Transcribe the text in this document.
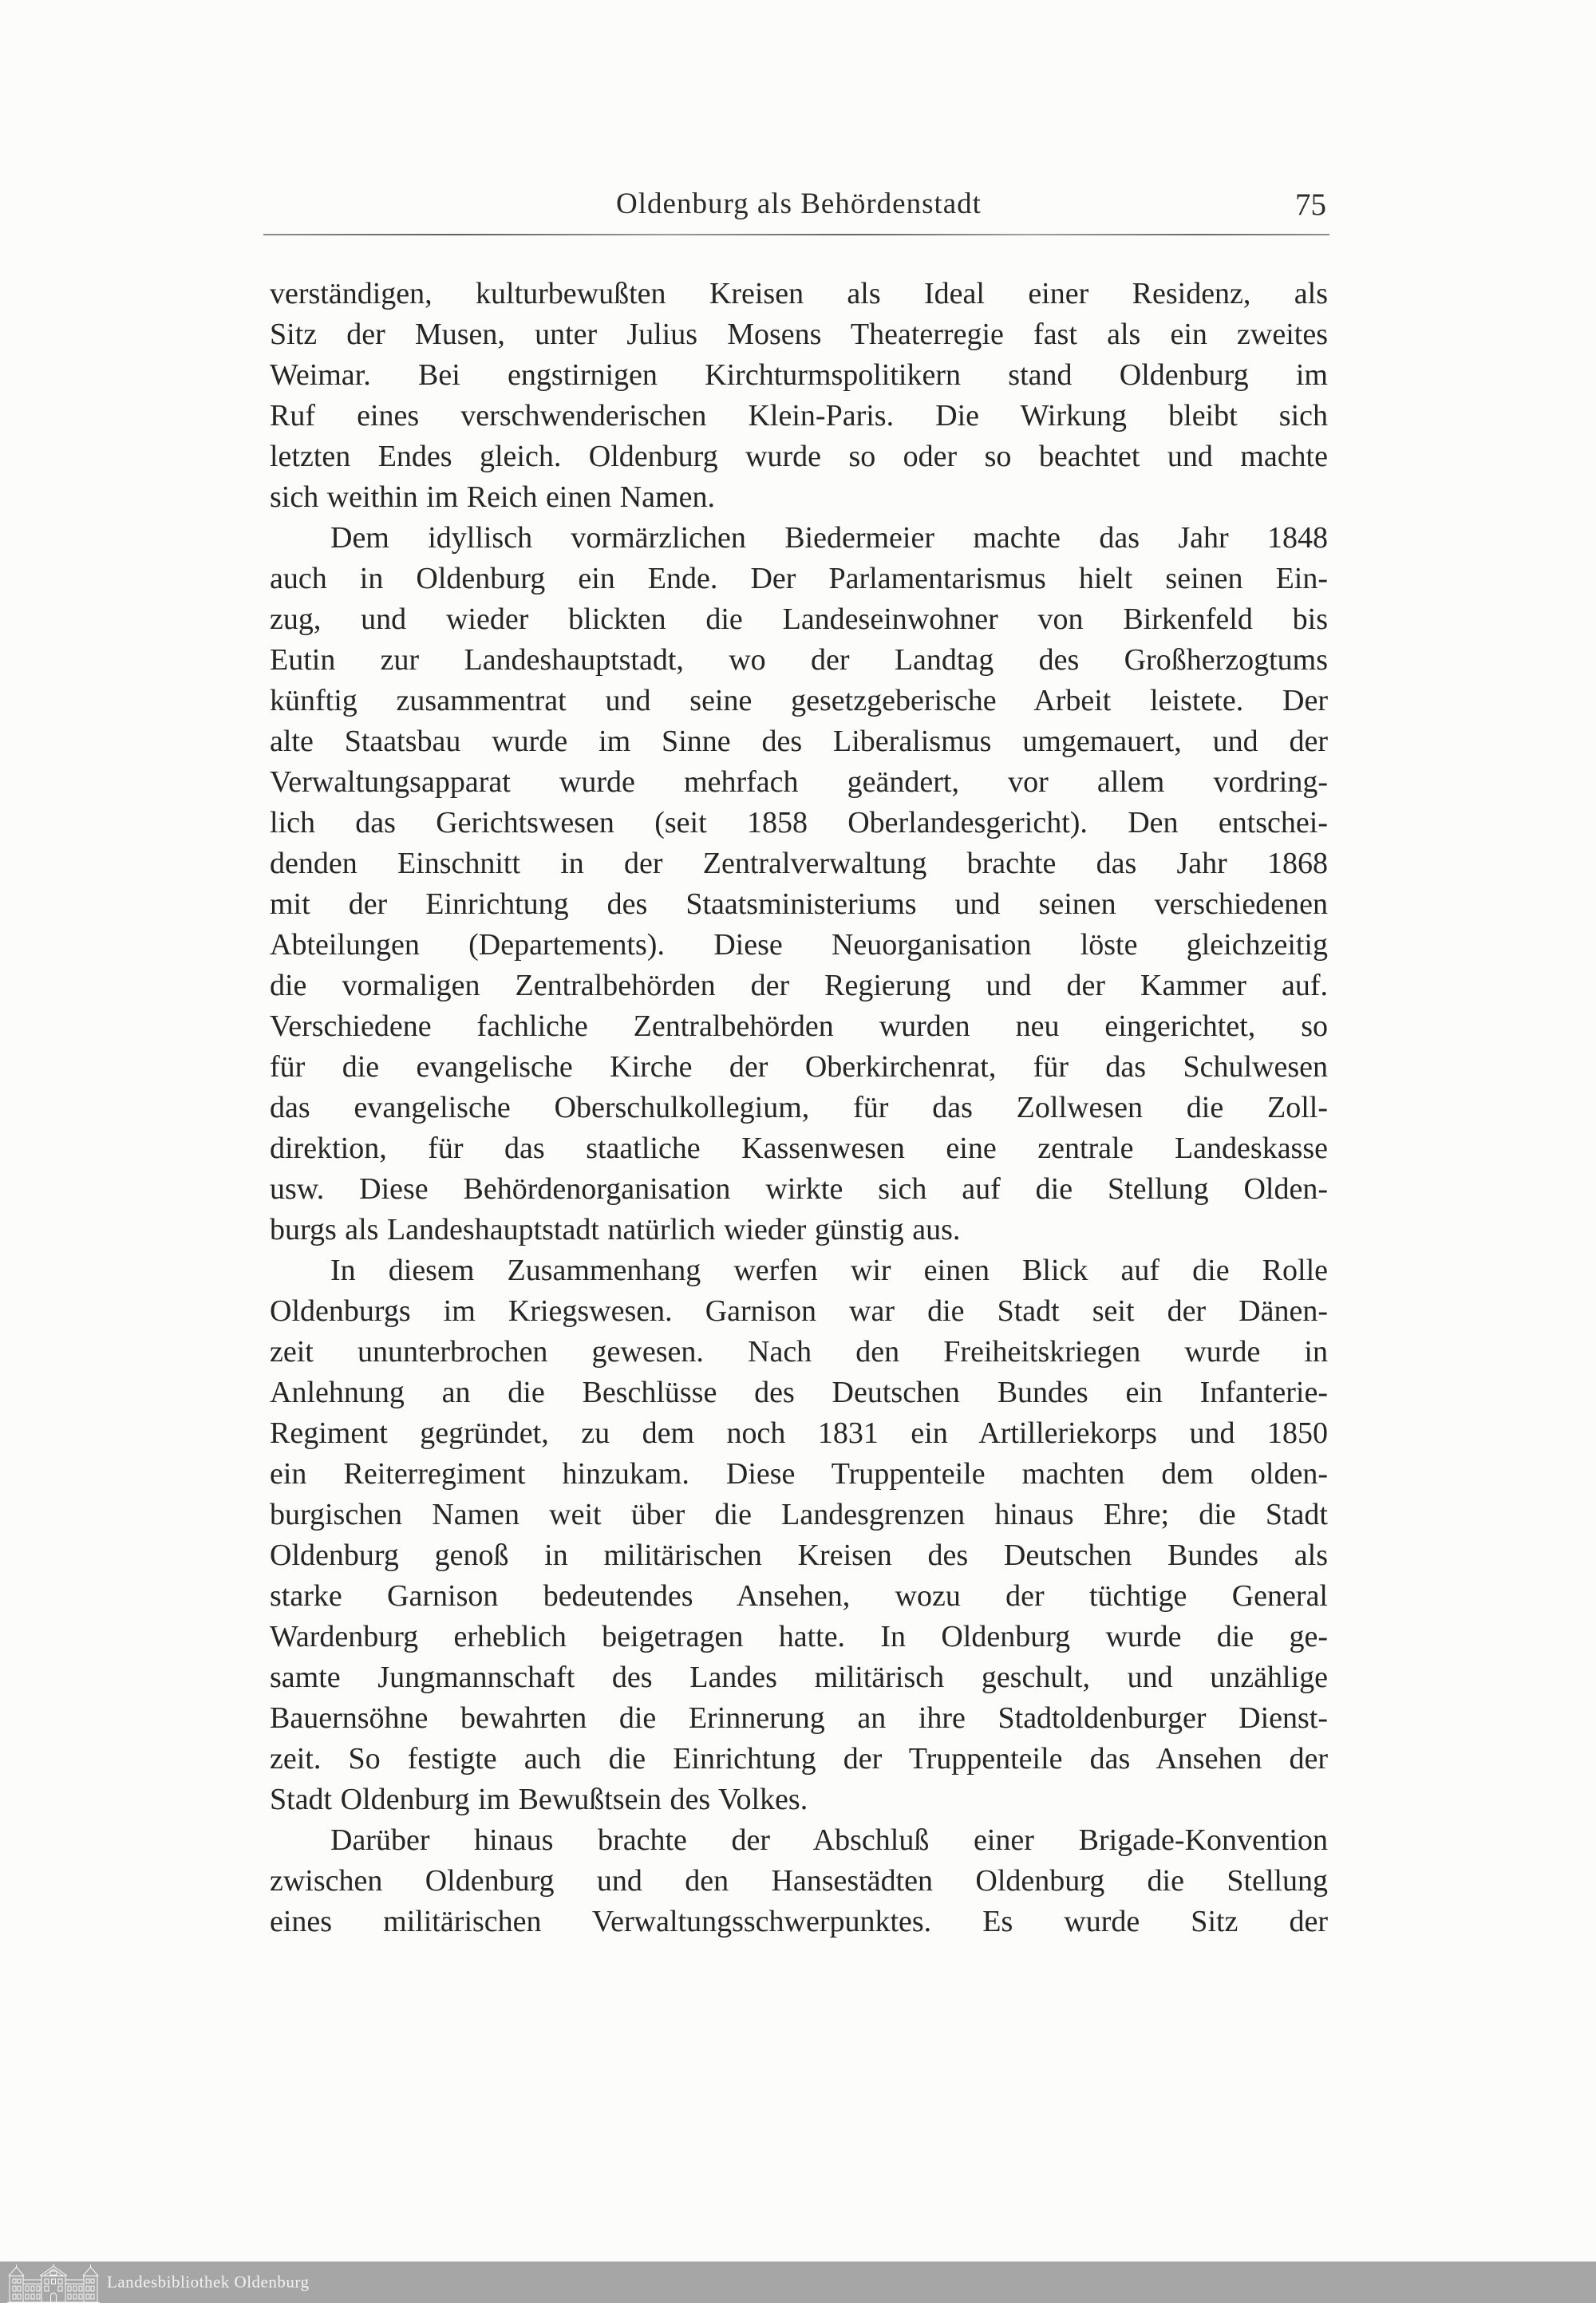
Oldenburg als Behördenstadt	75
verständigen, kulturbewußten Kreisen als Ideal einer Residenz, als
Sitz der Musen, unter Julius Mosens Theaterregie fast als ein zweites
Weimar. Bei engstirnigen Kirchturmspolitikern stand Oldenburg im
Ruf eines verschwenderischen Klein-Paris. Die Wirkung bleibt sich
letzten Endes gleich. Oldenburg wurde so oder so beachtet und machte
sich weithin im Reich einen Namen.
Dem idyllisch vormärzlichen Biedermeier machte das Jahr 1848
auch in Oldenburg ein Ende. Der Parlamentarismus hielt seinen Ein-
zug, und wieder blickten die Landeseinwohner von Birkenfeld bis
Eutin zur Landeshauptstadt, wo der Landtag des Großherzogtums
künftig zusammentrat und seine gesetzgeberische Arbeit leistete. Der
alte Staatsbau wurde im Sinne des Liberalismus umgemauert, und der
Verwaltungsapparat wurde mehrfach geändert, vor allem vordring-
lich das Gerichtswesen (seit 1858 Oberlandesgericht). Den entschei-
denden Einschnitt in der Zentralverwaltung brachte das Jahr 1868
mit der Einrichtung des Staatsministeriums und seinen verschiedenen
Abteilungen (Departements). Diese Neuorganisation löste gleichzeitig
die vormaligen Zentralbehörden der Regierung und der Kammer auf.
Verschiedene fachliche Zentralbehörden wurden neu eingerichtet, so
für die evangelische Kirche der Oberkirchenrat, für das Schulwesen
das evangelische Oberschulkollegium, für das Zollwesen die Zoll-
direktion, für das staatliche Kassenwesen eine zentrale Landeskasse
usw. Diese Behördenorganisation wirkte sich auf die Stellung Olden-
burgs als Landeshauptstadt natürlich wieder günstig aus.
In diesem Zusammenhang werfen wir einen Blick auf die Rolle
Oldenburgs im Kriegswesen. Garnison war die Stadt seit der Dänen-
zeit ununterbrochen gewesen. Nach den Freiheitskriegen wurde in
Anlehnung an die Beschlüsse des Deutschen Bundes ein Infanterie-
Regiment gegründet, zu dem noch 1831 ein Artilleriekorps und 1850
ein Reiterregiment hinzukam. Diese Truppenteile machten dem olden-
burgischen Namen weit über die Landesgrenzen hinaus Ehre; die Stadt
Oldenburg genoß in militärischen Kreisen des Deutschen Bundes als
starke Garnison bedeutendes Ansehen, wozu der tüchtige General
Wardenburg erheblich beigetragen hatte. In Oldenburg wurde die ge-
samte Jungmannschaft des Landes militärisch geschult, und unzählige
Bauernsöhne bewahrten die Erinnerung an ihre Stadtoldenburger Dienst-
zeit. So festigte auch die Einrichtung der Truppenteile das Ansehen der
Stadt Oldenburg im Bewußtsein des Volkes.
Darüber hinaus brachte der Abschluß einer Brigade-Konvention
zwischen Oldenburg und den Hansestädten Oldenburg die Stellung
eines militärischen Verwaltungsschwerpunktes. Es wurde Sitz der
Landesbibliothek Oldenburg
